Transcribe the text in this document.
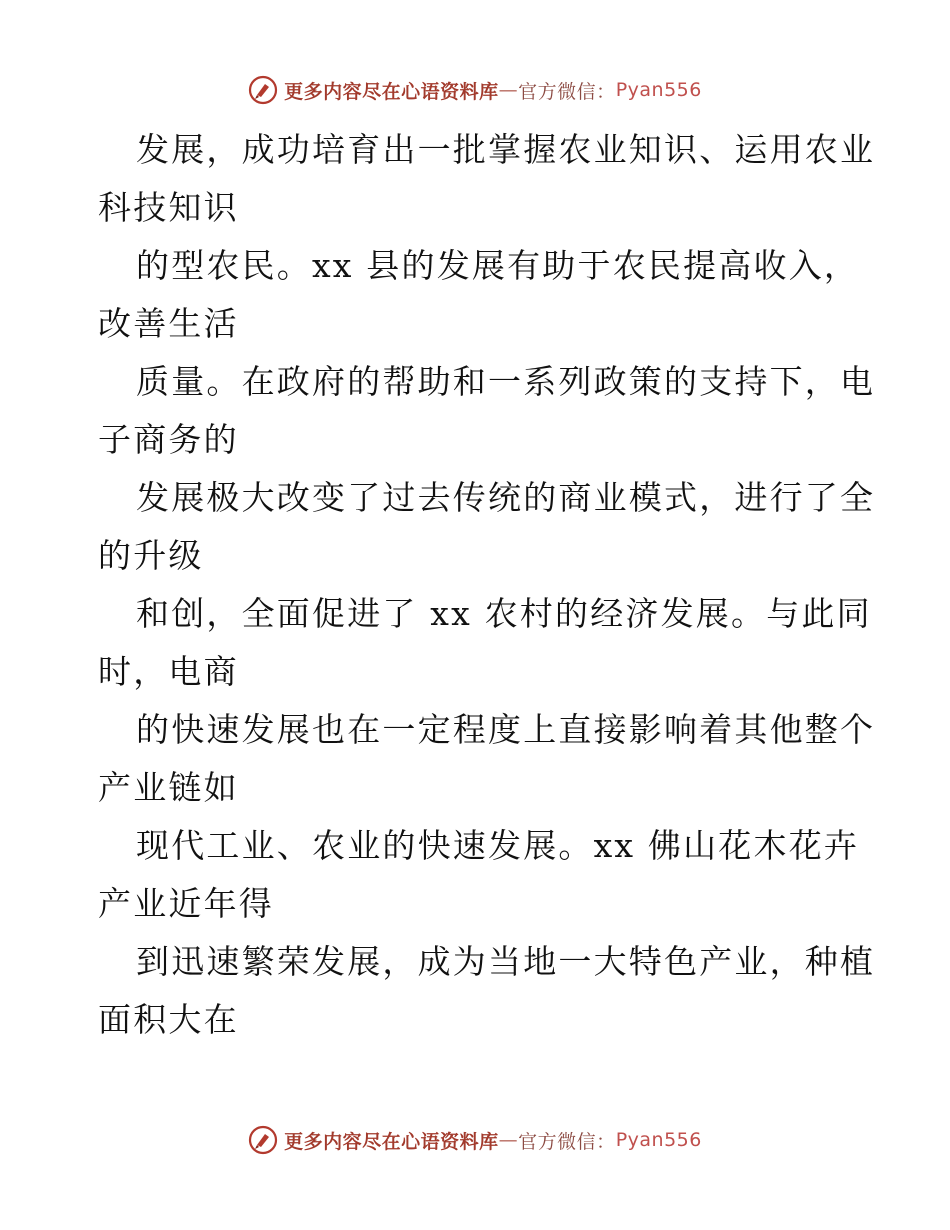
更多内容尽在心语资料库 — 官方微信： Pyan556

发展，成功培育出一批掌握农业知识、运用农业
科技知识

的型农民。xx 县的发展有助于农民提高收入，
改善生活

质量。在政府的帮助和一系列政策的支持下，电
子商务的

发展极大改变了过去传统的商业模式，进行了全
的升级

和创，全面促进了 xx 农村的经济发展。与此同
时，电商

的快速发展也在一定程度上直接影响着其他整个
产业链如

现代工业、农业的快速发展。xx 佛山花木花卉
产业近年得

到迅速繁荣发展，成为当地一大特色产业，种植
面积大在

更多内容尽在心语资料库 — 官方微信： Pyan556
